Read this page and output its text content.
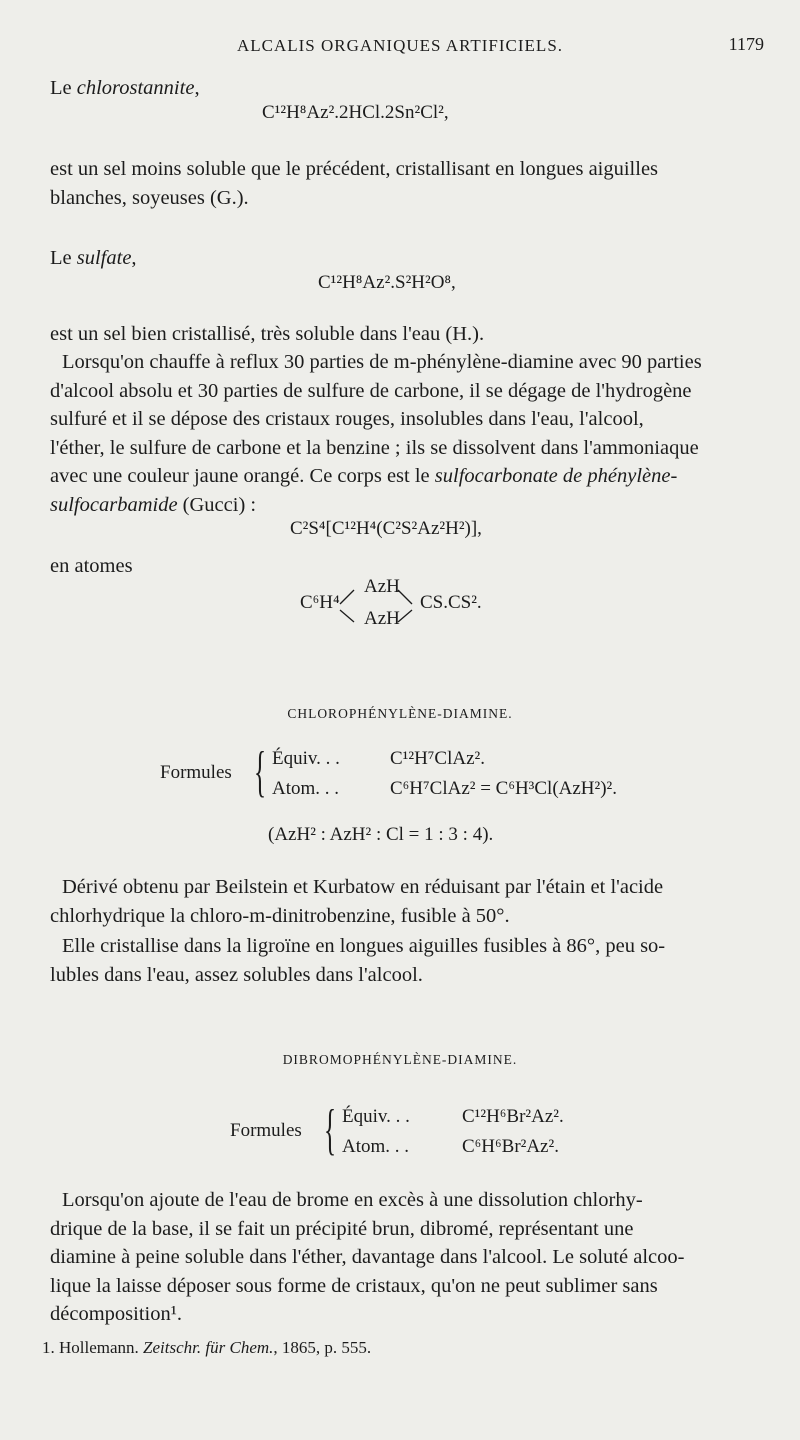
ALCALIS ORGANIQUES ARTIFICIELS.	1179
Le chlorostannite,
C¹²H⁸Az².2HCl.2Sn²Cl²,
est un sel moins soluble que le précédent, cristallisant en longues aiguilles
blanches, soyeuses (G.).
Le sulfate,
C¹²H⁸Az².S²H²O⁸,
est un sel bien cristallisé, très soluble dans l'eau (H.).
Lorsqu'on chauffe à reflux 30 parties de m-phénylène-diamine avec 90 parties
d'alcool absolu et 30 parties de sulfure de carbone, il se dégage de l'hydrogène
sulfuré et il se dépose des cristaux rouges, insolubles dans l'eau, l'alcool,
l'éther, le sulfure de carbone et la benzine ; ils se dissolvent dans l'ammoniaque
avec une couleur jaune orangé. Ce corps est le sulfocarbonate de phénylène-
sulfocarbamide (Gucci) :
C²S⁴[C¹²H⁴(C²S²Az²H²)],
en atomes
C⁶H⁴
AzH
AzH
CS.CS².
CHLOROPHÉNYLÈNE-DIAMINE.
Formules { Équiv. . .	C¹²H⁷ClAz².
Atom. . .	C⁶H⁷ClAz² = C⁶H³Cl(AzH²)².
(AzH² : AzH² : Cl = 1 : 3 : 4).
Dérivé obtenu par Beilstein et Kurbatow en réduisant par l'étain et l'acide
chlorhydrique la chloro-m-dinitrobenzine, fusible à 50°.
Elle cristallise dans la ligroïne en longues aiguilles fusibles à 86°, peu so-
lubles dans l'eau, assez solubles dans l'alcool.
DIBROMOPHÉNYLÈNE-DIAMINE.
Formules { Équiv. . .	C¹²H⁶Br²Az².
Atom. . .	C⁶H⁶Br²Az².
Lorsqu'on ajoute de l'eau de brome en excès à une dissolution chlorhy-
drique de la base, il se fait un précipité brun, dibromé, représentant une
diamine à peine soluble dans l'éther, davantage dans l'alcool. Le soluté alcoo-
lique la laisse déposer sous forme de cristaux, qu'on ne peut sublimer sans
décomposition¹.
1. Hollemann. Zeitschr. für Chem., 1865, p. 555.
